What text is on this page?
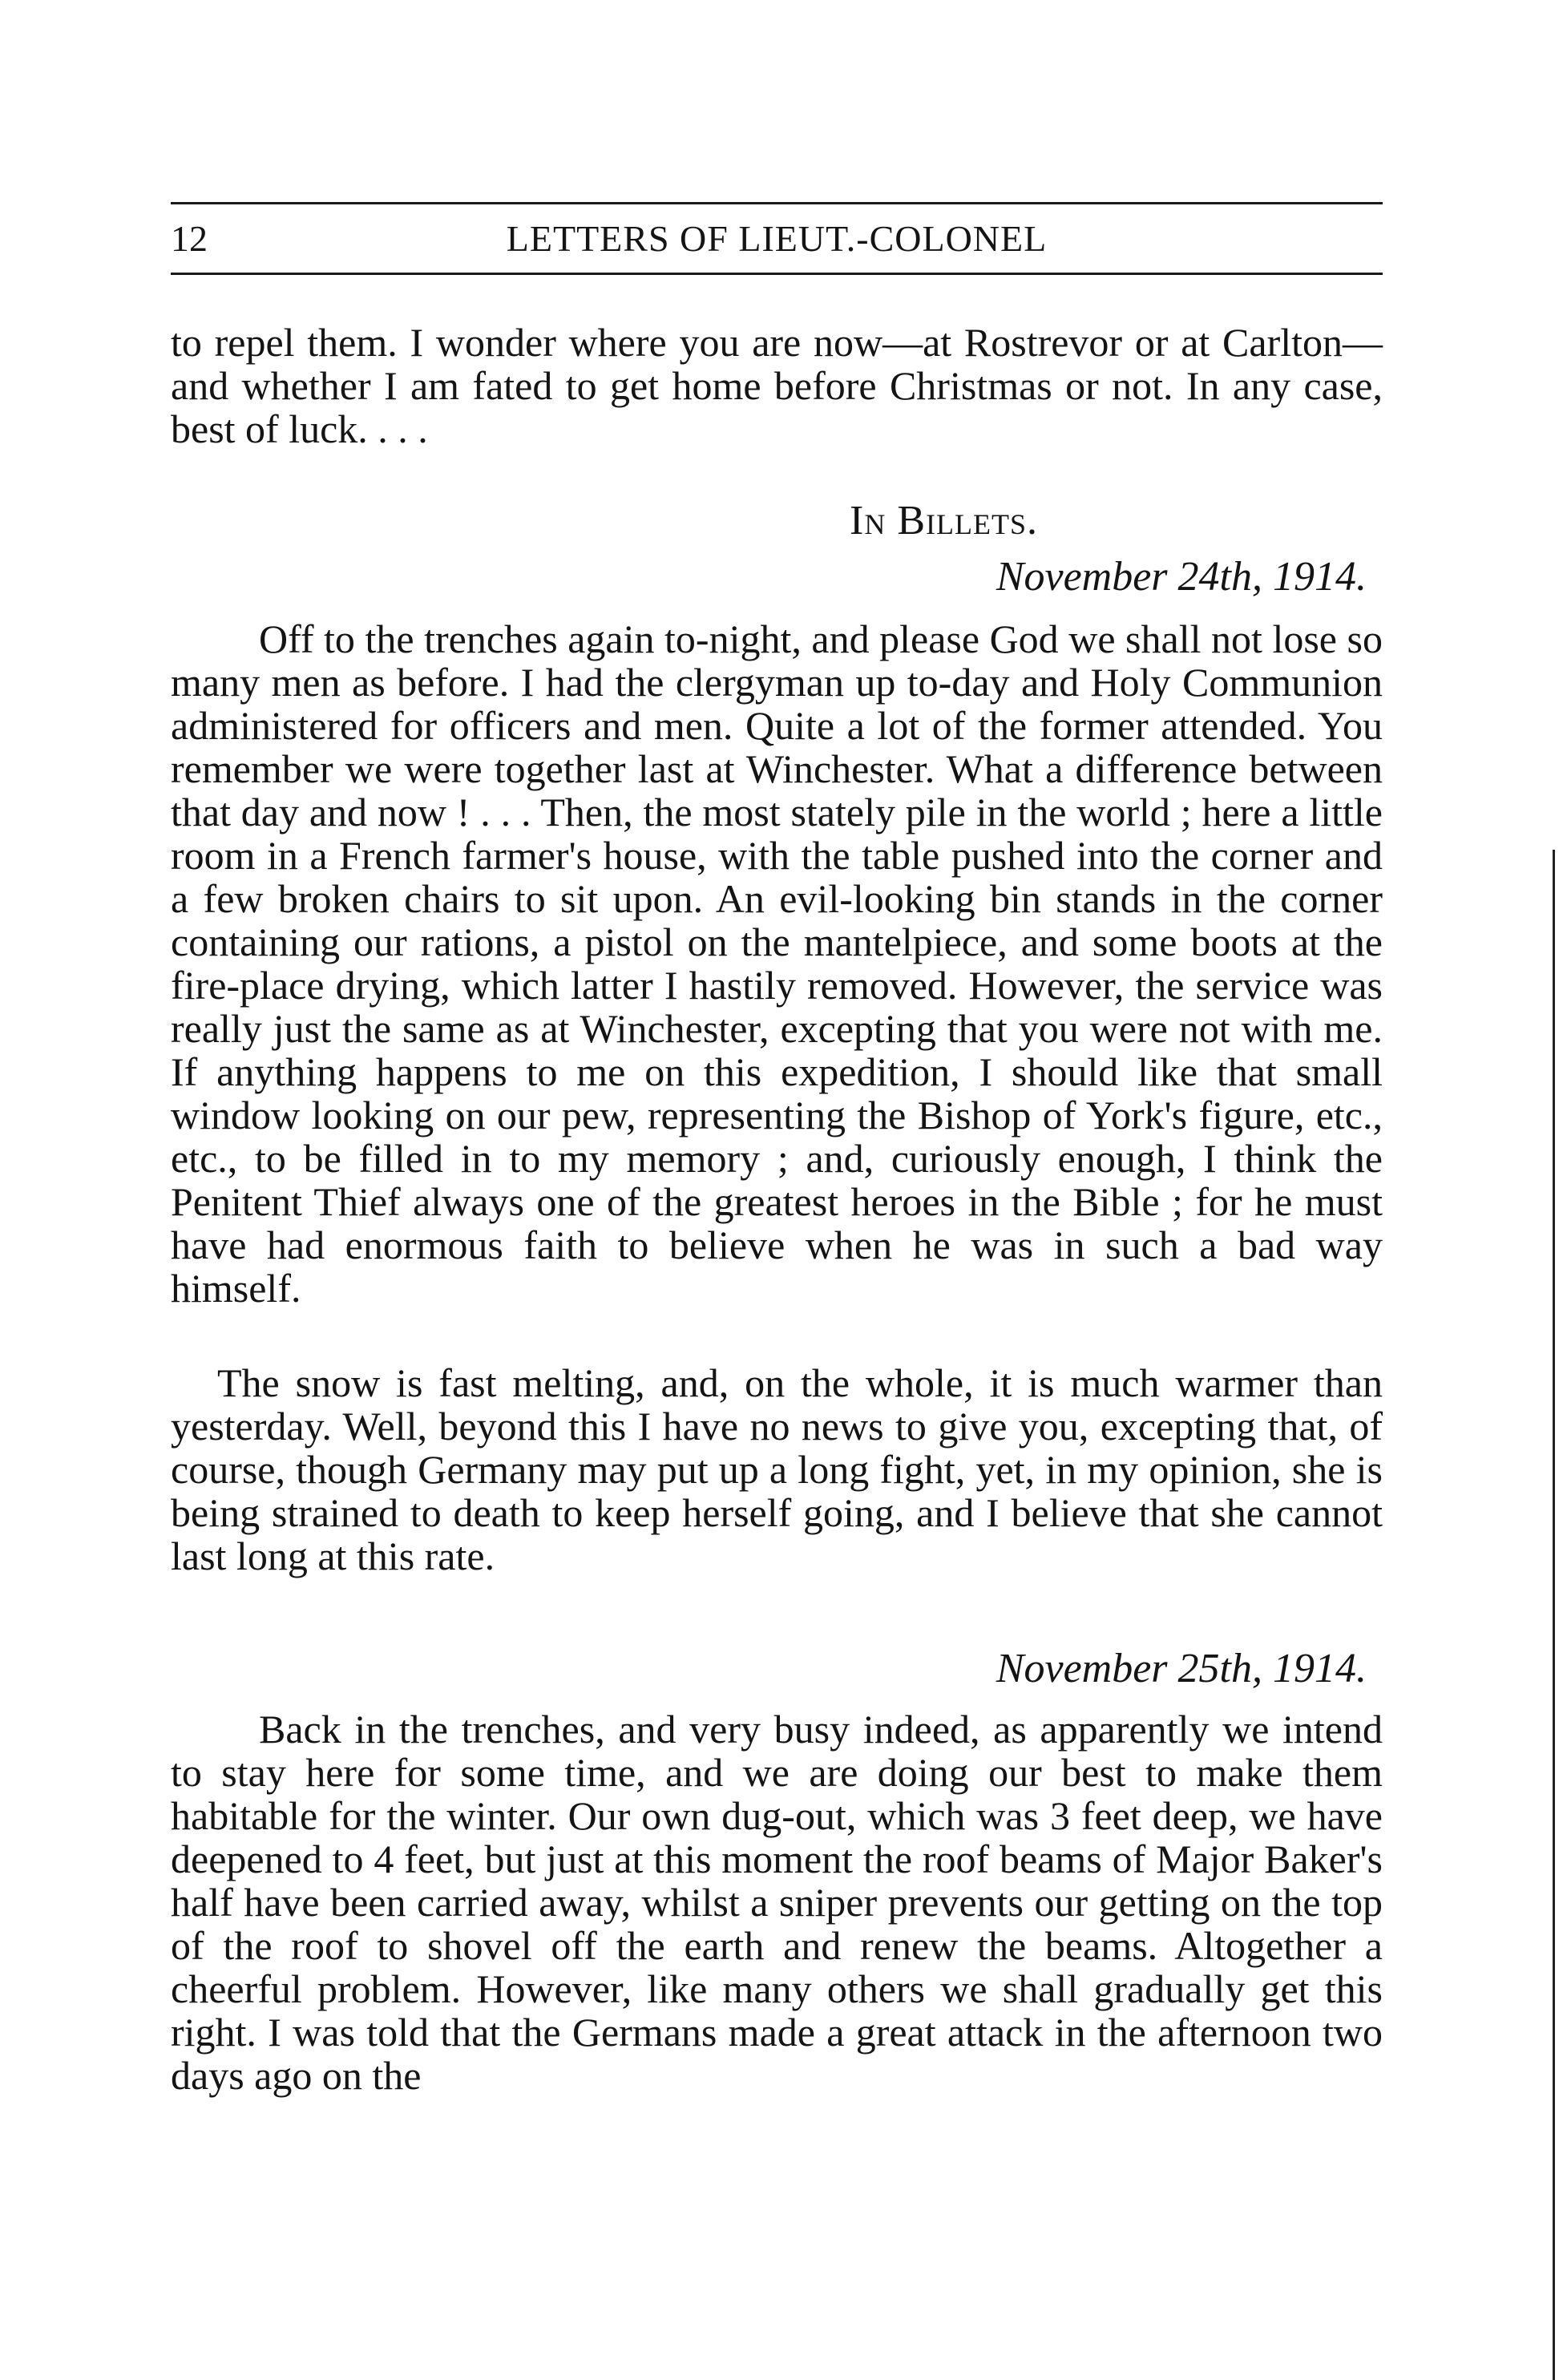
12	LETTERS OF LIEUT.-COLONEL
to repel them. I wonder where you are now—at Rostrevor or at Carlton—and whether I am fated to get home before Christmas or not. In any case, best of luck. . . .
In Billets.
November 24th, 1914.
Off to the trenches again to-night, and please God we shall not lose so many men as before. I had the clergyman up to-day and Holy Communion administered for officers and men. Quite a lot of the former attended. You remember we were together last at Winchester. What a difference between that day and now ! . . . Then, the most stately pile in the world ; here a little room in a French farmer's house, with the table pushed into the corner and a few broken chairs to sit upon. An evil-looking bin stands in the corner containing our rations, a pistol on the mantelpiece, and some boots at the fire-place drying, which latter I hastily removed. However, the service was really just the same as at Winchester, excepting that you were not with me. If anything happens to me on this expedition, I should like that small window looking on our pew, representing the Bishop of York's figure, etc., etc., to be filled in to my memory ; and, curiously enough, I think the Penitent Thief always one of the greatest heroes in the Bible ; for he must have had enormous faith to believe when he was in such a bad way himself.
The snow is fast melting, and, on the whole, it is much warmer than yesterday. Well, beyond this I have no news to give you, excepting that, of course, though Germany may put up a long fight, yet, in my opinion, she is being strained to death to keep herself going, and I believe that she cannot last long at this rate.
November 25th, 1914.
Back in the trenches, and very busy indeed, as apparently we intend to stay here for some time, and we are doing our best to make them habitable for the winter. Our own dug-out, which was 3 feet deep, we have deepened to 4 feet, but just at this moment the roof beams of Major Baker's half have been carried away, whilst a sniper prevents our getting on the top of the roof to shovel off the earth and renew the beams. Altogether a cheerful problem. However, like many others we shall gradually get this right. I was told that the Germans made a great attack in the afternoon two days ago on the
